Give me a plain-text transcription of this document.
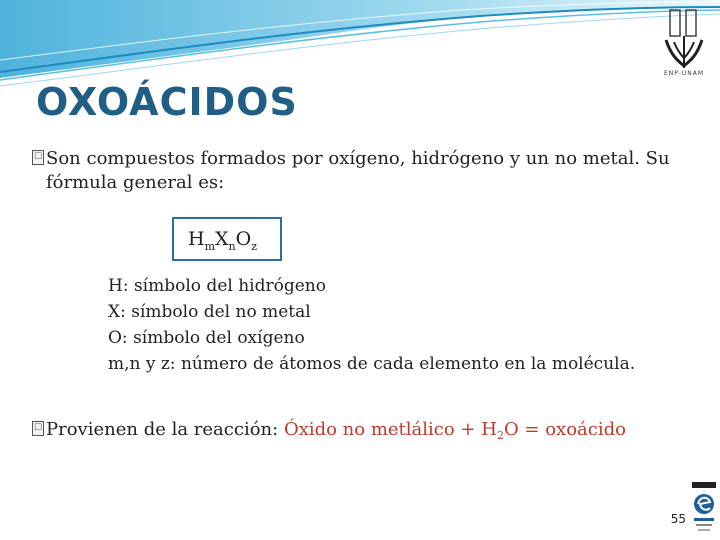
ENP-UNAM
OXOÁCIDOS
☐ Son compuestos formados por oxígeno, hidrógeno y un no metal. Su
fórmula general es:
$H_mX_nO_z$
H: símbolo del hidrógeno
X: símbolo del no metal
O: símbolo del oxígeno
m,n y z: número de átomos de cada elemento en la molécula.
☐ Provienen de la reacción: Óxido no metlálico + $H_2O$ = oxoácido
55
